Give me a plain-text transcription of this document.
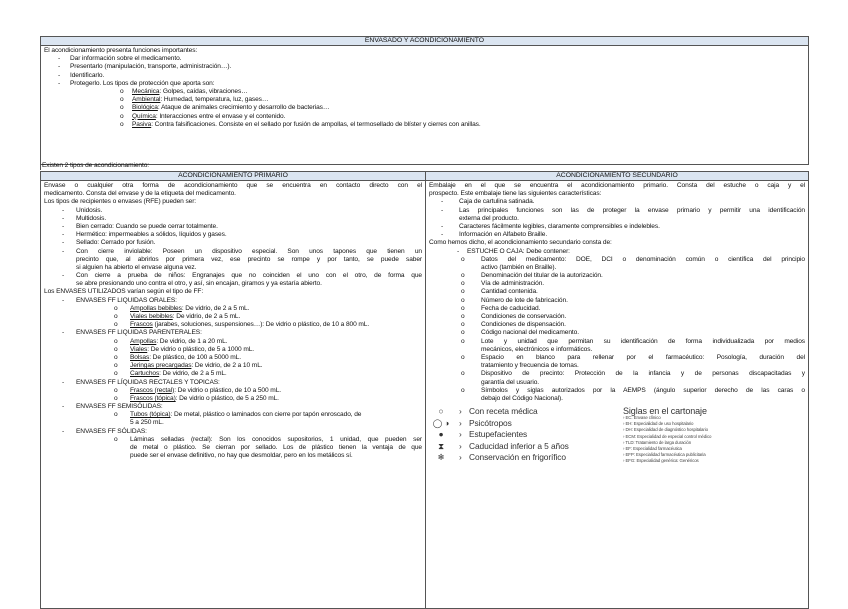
ENVASADO Y ACONDICIONAMIENTO
El acondicionamiento presenta funciones importantes:
- Dar información sobre el medicamento.
- Presentarlo (manipulación, transporte, administración…).
- Identificarlo.
- Protegerlo. Los tipos de protección que aporta son:
o Mecánica: Golpes, caídas, vibraciones…
o Ambiental: Humedad, temperatura, luz, gases…
o Biológica: Ataque de animales crecimiento y desarrollo de bacterias…
o Química: Interacciones entre el envase y el contenido.
o Pasiva: Contra falsificaciones. Consiste en el sellado por fusión de ampollas, el termosellado de blíster y cierres con anillas.
Existen 2 tipos de acondicionamiento:
ACONDICIONAMIENTO PRIMARIO
Envase o cualquier otra forma de acondicionamiento que se encuentra en contacto directo con el
medicamento. Consta del envase y de la etiqueta del medicamento.
Los tipos de recipientes o envases (RFE) pueden ser:
- Unidosis.
- Multidosis.
- Bien cerrado: Cuando se puede cerrar totalmente.
- Hermético: impermeables a sólidos, líquidos y gases.
- Sellado: Cerrado por fusión.
- Con cierre inviolable: Poseen un dispositivo especial. Son unos tapones que tienen un
precinto que, al abrirlos por primera vez, ese precinto se rompe y por tanto, se puede saber
si alguien ha abierto el envase alguna vez.
- Con cierre a prueba de niños: Engranajes que no coinciden el uno con el otro, de forma que
se abre presionando uno contra el otro, y así, sin encajan, giramos y ya estaría abierto.
Los ENVASES UTILIZADOS varían según el tipo de FF:
- ENVASES FF LIQUIDAS ORALES:
o Ampollas bebibles: De vidrio, de 2 a 5 mL.
o Viales bebibles: De vidrio, de 2 a 5 mL.
o Frascos (jarabes, soluciones, suspensiones…): De vidrio o plástico, de 10 a 800 mL.
- ENVASES FF LIQUIDAS PARENTERALES:
o Ampollas: De vidrio, de 1 a 20 mL.
o Viales: De vidrio o plástico, de 5 a 1000 mL.
o Bolsas: De plástico, de 100 a 5000 mL.
o Jeringas precargadas: De vidrio, de 2 a 10 mL.
o Cartuchos: De vidrio, de 2 a 5 mL.
- ENVASES FF LÍQUIDAS RECTALES Y TOPICAS:
o Frascos (rectal): De vidrio o plástico, de 10 a 500 mL.
o Frascos (tópica): De vidrio o plástico, de 5 a 250 mL.
- ENVASES FF SEMISÓLIDAS:
o Tubos (tópica): De metal, plástico o laminados con cierre por tapón enroscado, de
5 a 250 mL.
- ENVASES FF SÓLIDAS:
o Láminas selladas (rectal): Son los conocidos supositorios, 1 unidad, que pueden ser
de metal o plástico. Se cierran por sellado. Los de plástico tienen la ventaja de que
puede ser el envase definitivo, no hay que desmoldar, pero en los metálicos sí.
ACONDICIONAMIENTO SECUNDARIO
Embalaje en el que se encuentra el acondicionamiento primario. Consta del estuche o caja y el
prospecto. Este embalaje tiene las siguientes características:
- Caja de cartulina satinada.
- Las principales funciones son las de proteger la envase primario y permitir una identificación
externa del producto.
- Caracteres fácilmente legibles, claramente comprensibles e indelebles.
- Información en Alfabeto Braille.
Como hemos dicho, el acondicionamiento secundario consta de:
- ESTUCHE O CAJA: Debe contener:
o Datos del medicamento: DOE, DCI o denominación común o científica del principio
activo (también en Braille).
o Denominación del titular de la autorización.
o Vía de administración.
o Cantidad contenida.
o Número de lote de fabricación.
o Fecha de caducidad.
o Condiciones de conservación.
o Condiciones de dispensación.
o Código nacional del medicamento.
o Lote y unidad que permitan su identificación de forma individualizada por medios
mecánicos, electrónicos e informáticos.
o Espacio en blanco para rellenar por el farmacéutico: Posología, duración del
tratamiento y frecuencia de tomas.
o Dispositivo de precinto: Protección de la infancia y de personas discapacitadas y
garantía del usuario.
o Símbolos y siglas autorizados por la AEMPS (ángulo superior derecho de las caras o
debajo del Código Nacional).
○	› Con receta médica
◯ ◑	› Psicótropos
●	› Estupefacientes
⧗	› Caducidad inferior a 5 años
❄	› Conservación en frigorífico
Siglas en el cartonaje
› EC: Envase clínico
› EH: Especialidad de uso hospitalario
› DH: Especialidad de diagnóstico hospitalario
› ECM: Especialidad de especial control médico
› TLD: Tratamiento de larga duración
› EF: Especialidad farmacéutica
› EFP: Especialidad farmacéutica publicitaria
› EFG: Especialidad genérica: Genéricos
